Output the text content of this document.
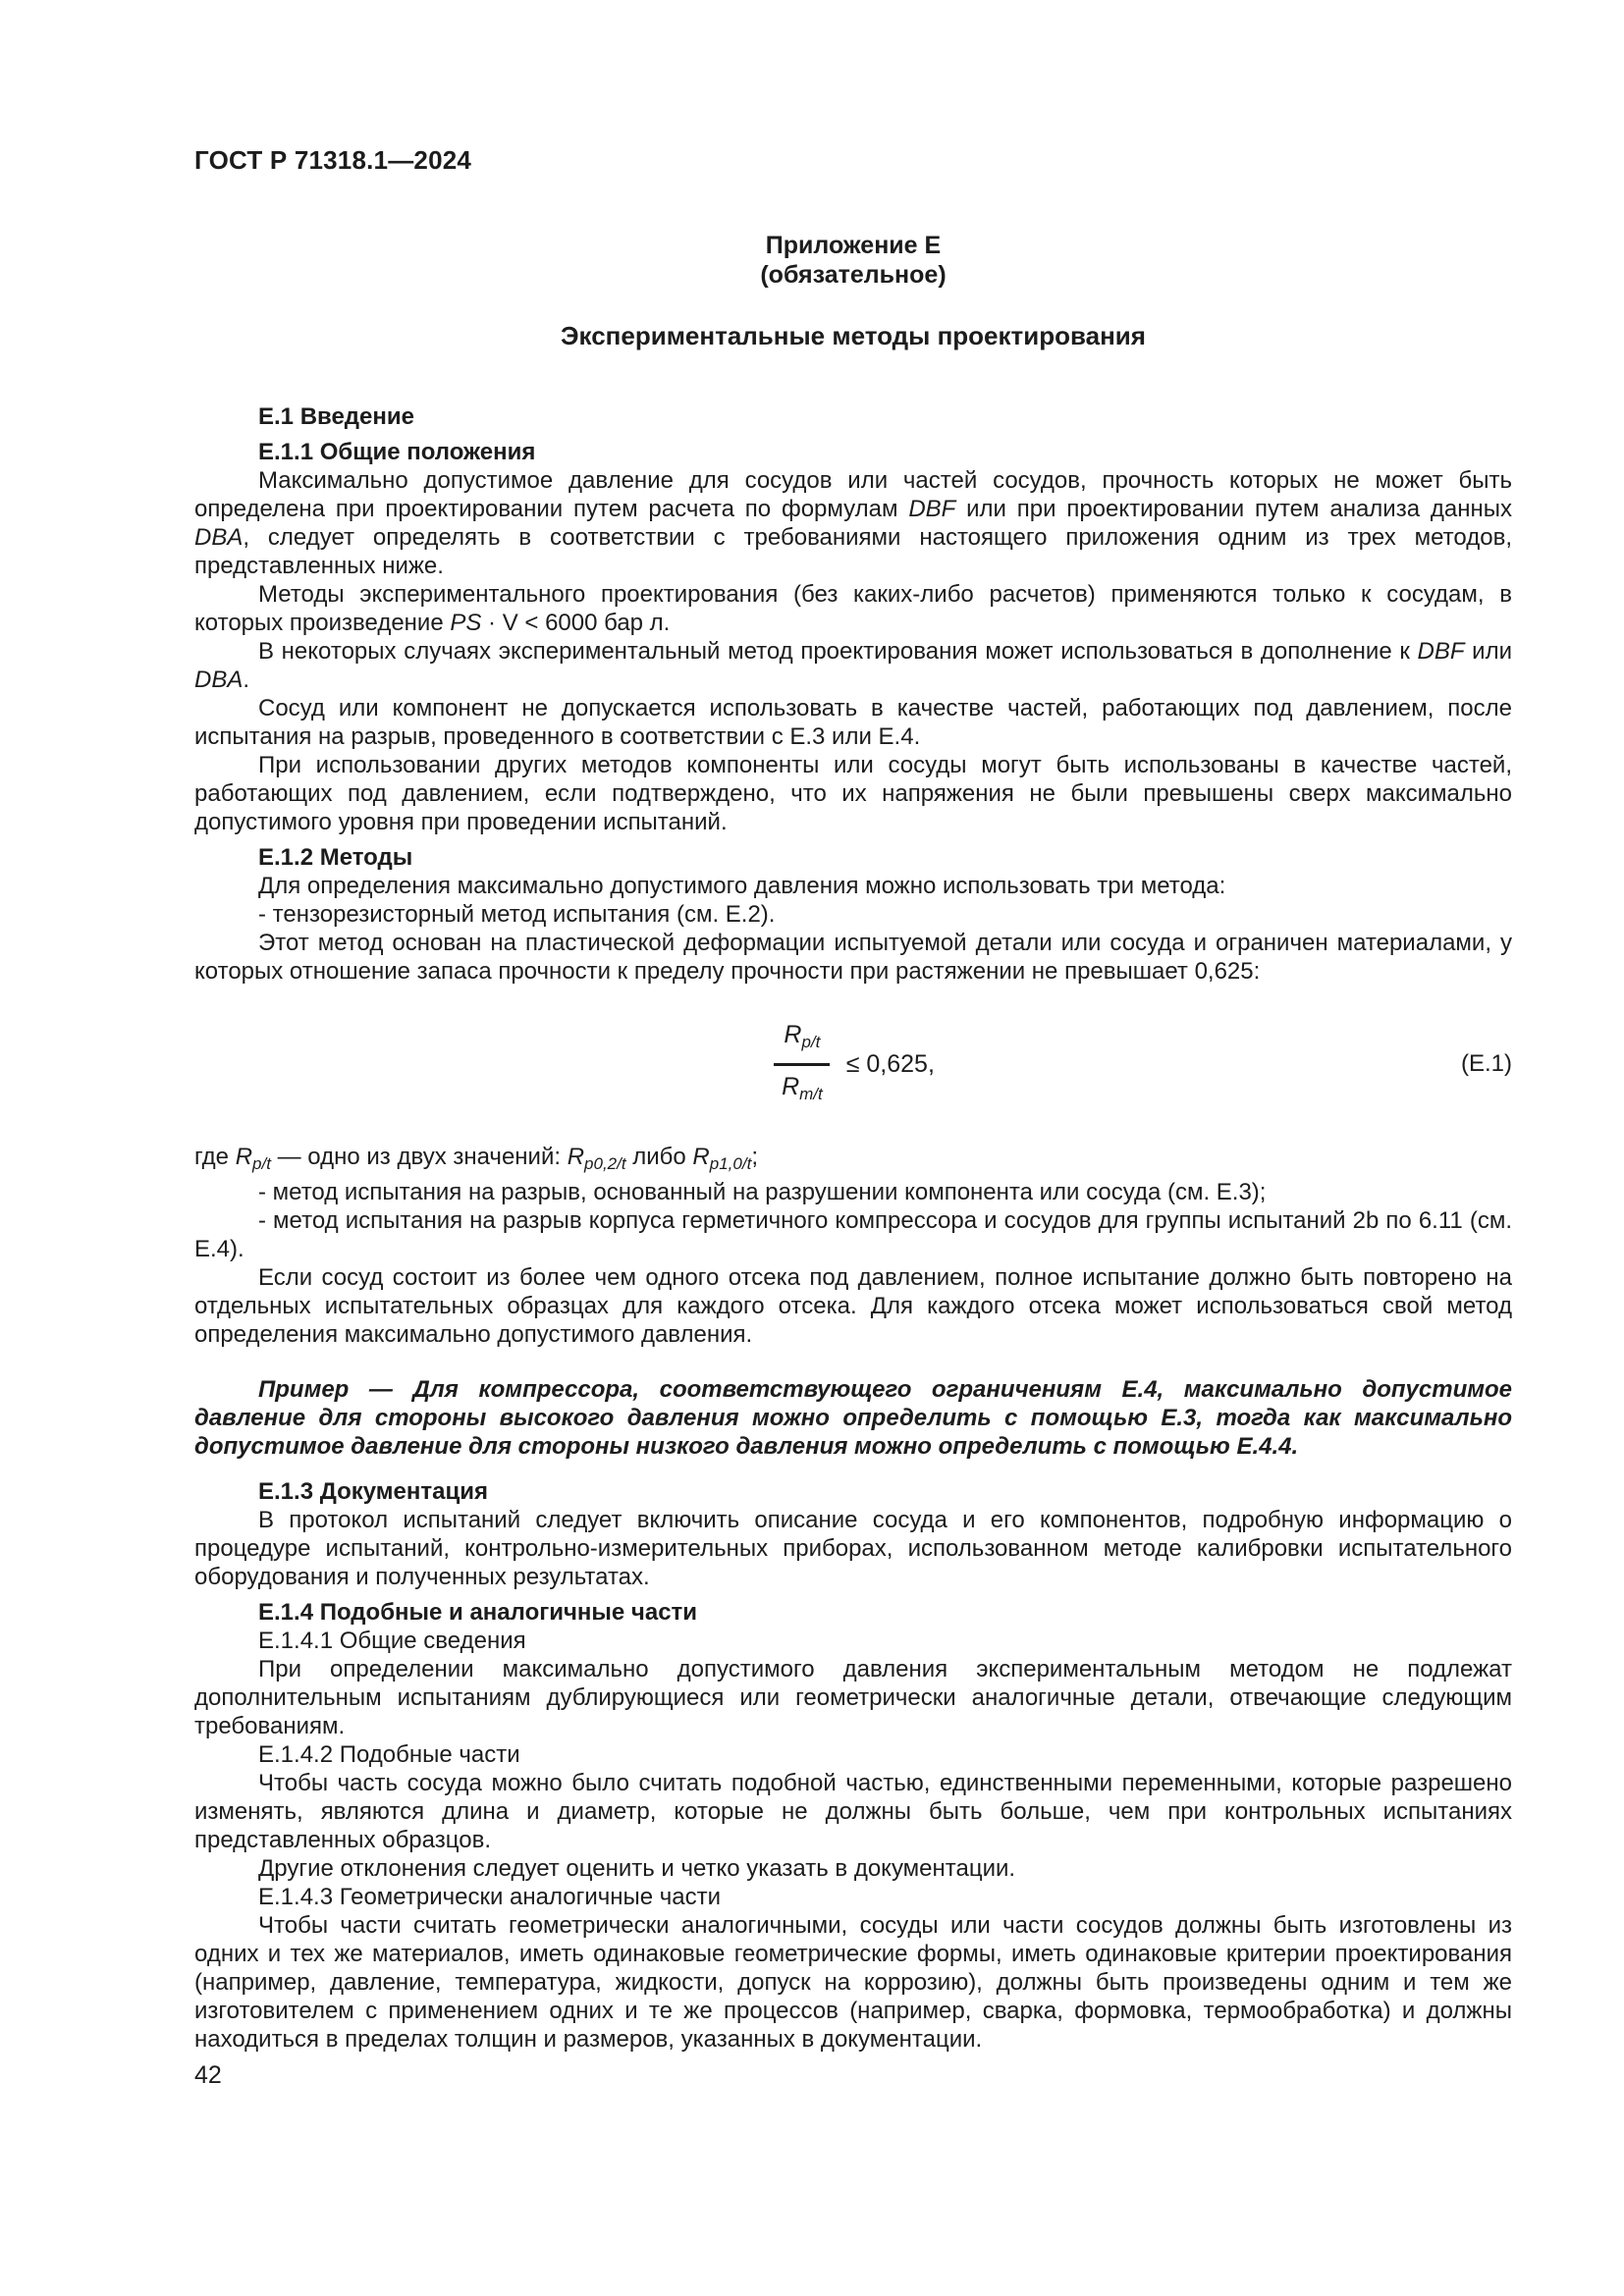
ГОСТ Р 71318.1—2024
Приложение Е
(обязательное)
Экспериментальные методы проектирования
Е.1 Введение
Е.1.1 Общие положения
Максимально допустимое давление для сосудов или частей сосудов, прочность которых не может быть определена при проектировании путем расчета по формулам DBF или при проектировании путем анализа данных DBA, следует определять в соответствии с требованиями настоящего приложения одним из трех методов, представленных ниже.
Методы экспериментального проектирования (без каких-либо расчетов) применяются только к сосудам, в которых произведение PS · V < 6000 бар л.
В некоторых случаях экспериментальный метод проектирования может использоваться в дополнение к DBF или DBA.
Сосуд или компонент не допускается использовать в качестве частей, работающих под давлением, после испытания на разрыв, проведенного в соответствии с Е.3 или Е.4.
При использовании других методов компоненты или сосуды могут быть использованы в качестве частей, работающих под давлением, если подтверждено, что их напряжения не были превышены сверх максимально допустимого уровня при проведении испытаний.
Е.1.2 Методы
Для определения максимально допустимого давления можно использовать три метода:
- тензорезисторный метод испытания (см. Е.2).
Этот метод основан на пластической деформации испытуемой детали или сосуда и ограничен материалами, у которых отношение запаса прочности к пределу прочности при растяжении не превышает 0,625:
$\frac{R_{p/t}}{R_{m/t}} \le 0,625$,	(Е.1)
где $R_{p/t}$ — одно из двух значений: $R_{p0,2/t}$ либо $R_{p1,0/t}$;
- метод испытания на разрыв, основанный на разрушении компонента или сосуда (см. Е.3);
- метод испытания на разрыв корпуса герметичного компрессора и сосудов для группы испытаний 2b по 6.11 (см. Е.4).
Если сосуд состоит из более чем одного отсека под давлением, полное испытание должно быть повторено на отдельных испытательных образцах для каждого отсека. Для каждого отсека может использоваться свой метод определения максимально допустимого давления.
Пример — Для компрессора, соответствующего ограничениям Е.4, максимально допустимое давление для стороны высокого давления можно определить с помощью Е.3, тогда как максимально допустимое давление для стороны низкого давления можно определить с помощью Е.4.4.
Е.1.3 Документация
В протокол испытаний следует включить описание сосуда и его компонентов, подробную информацию о процедуре испытаний, контрольно-измерительных приборах, использованном методе калибровки испытательного оборудования и полученных результатах.
Е.1.4 Подобные и аналогичные части
Е.1.4.1 Общие сведения
При определении максимально допустимого давления экспериментальным методом не подлежат дополнительным испытаниям дублирующиеся или геометрически аналогичные детали, отвечающие следующим требованиям.
Е.1.4.2 Подобные части
Чтобы часть сосуда можно было считать подобной частью, единственными переменными, которые разрешено изменять, являются длина и диаметр, которые не должны быть больше, чем при контрольных испытаниях представленных образцов.
Другие отклонения следует оценить и четко указать в документации.
Е.1.4.3 Геометрически аналогичные части
Чтобы части считать геометрически аналогичными, сосуды или части сосудов должны быть изготовлены из одних и тех же материалов, иметь одинаковые геометрические формы, иметь одинаковые критерии проектирования (например, давление, температура, жидкости, допуск на коррозию), должны быть произведены одним и тем же изготовителем с применением одних и те же процессов (например, сварка, формовка, термообработка) и должны находиться в пределах толщин и размеров, указанных в документации.
42
